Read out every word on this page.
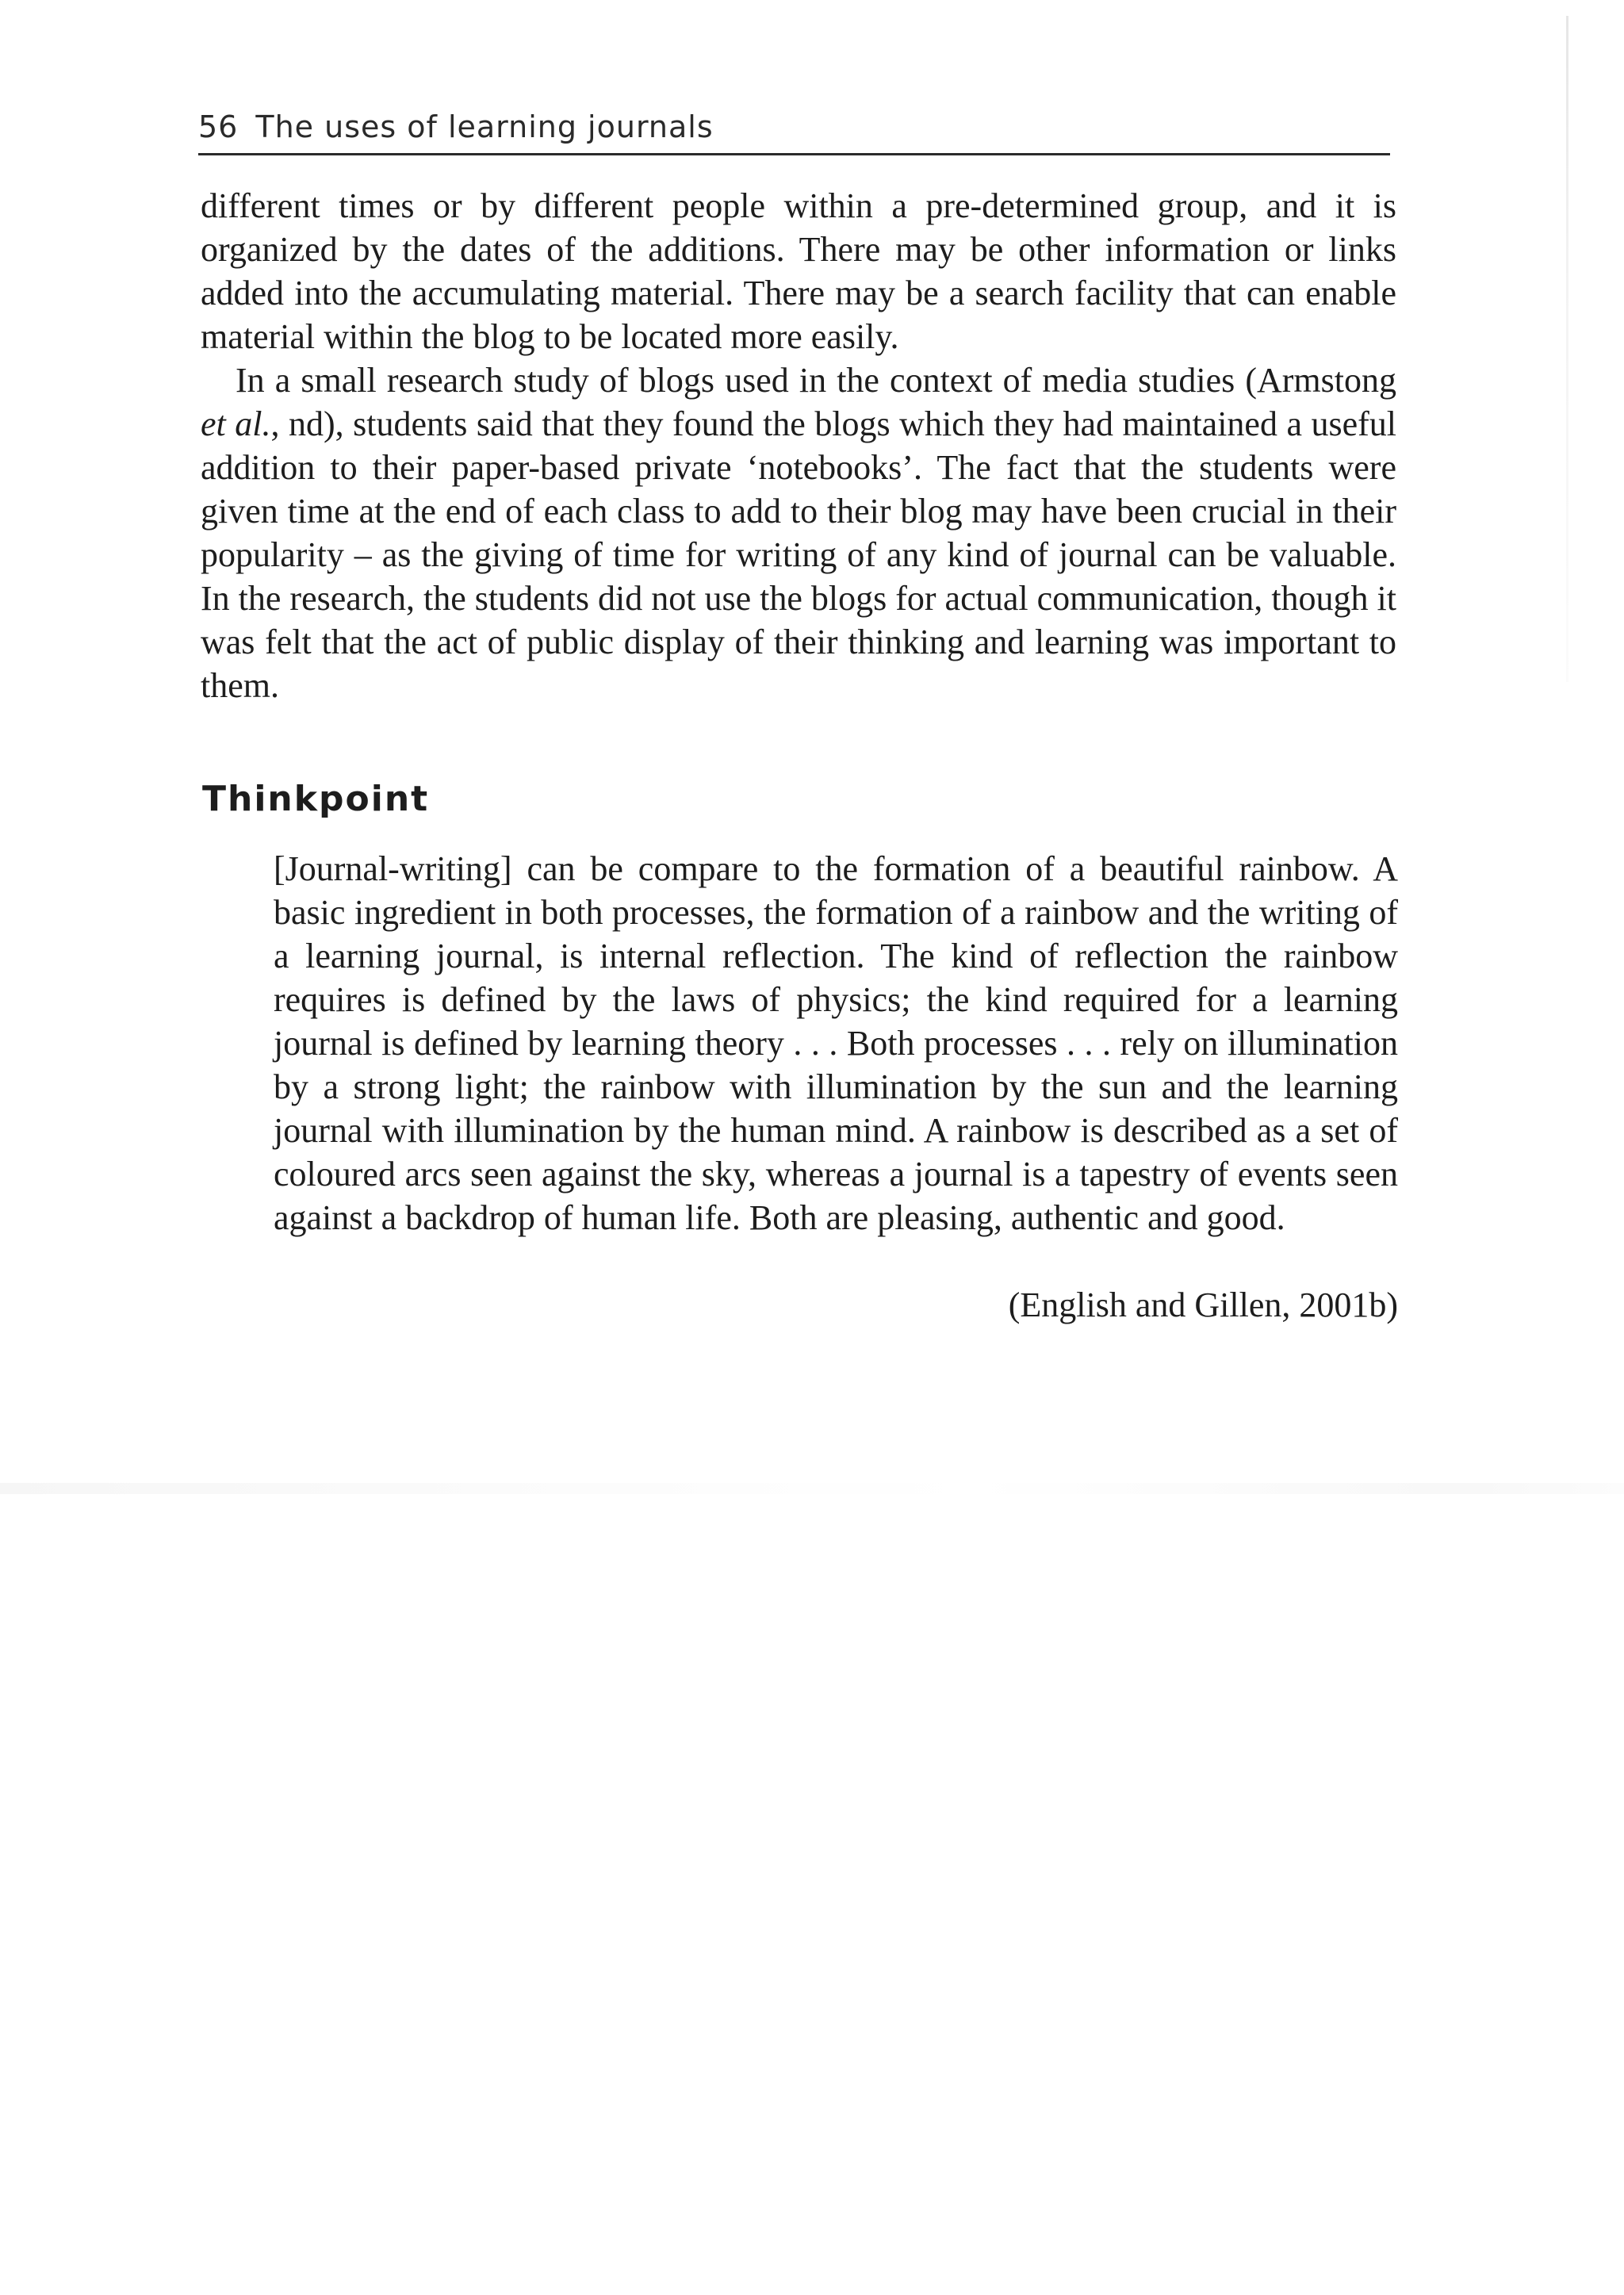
56 The uses of learning journals

different times or by different people within a pre-determined group, and it is organized by the dates of the additions. There may be other information or links added into the accumulating material. There may be a search facility that can enable material within the blog to be located more easily.

In a small research study of blogs used in the context of media studies (Armstong et al., nd), students said that they found the blogs which they had maintained a useful addition to their paper-based private ‘notebooks’. The fact that the students were given time at the end of each class to add to their blog may have been crucial in their popularity – as the giving of time for writing of any kind of journal can be valuable. In the research, the students did not use the blogs for actual communication, though it was felt that the act of public display of their thinking and learning was important to them.

Thinkpoint

[Journal-writing] can be compare to the formation of a beautiful rainbow. A basic ingredient in both processes, the formation of a rainbow and the writing of a learning journal, is internal reflection. The kind of reflection the rainbow requires is defined by the laws of physics; the kind required for a learning journal is defined by learning theory . . . Both processes . . . rely on illumination by a strong light; the rainbow with illumination by the sun and the learning journal with illumination by the human mind. A rainbow is described as a set of coloured arcs seen against the sky, whereas a journal is a tapestry of events seen against a backdrop of human life. Both are pleasing, authentic and good.

(English and Gillen, 2001b)
